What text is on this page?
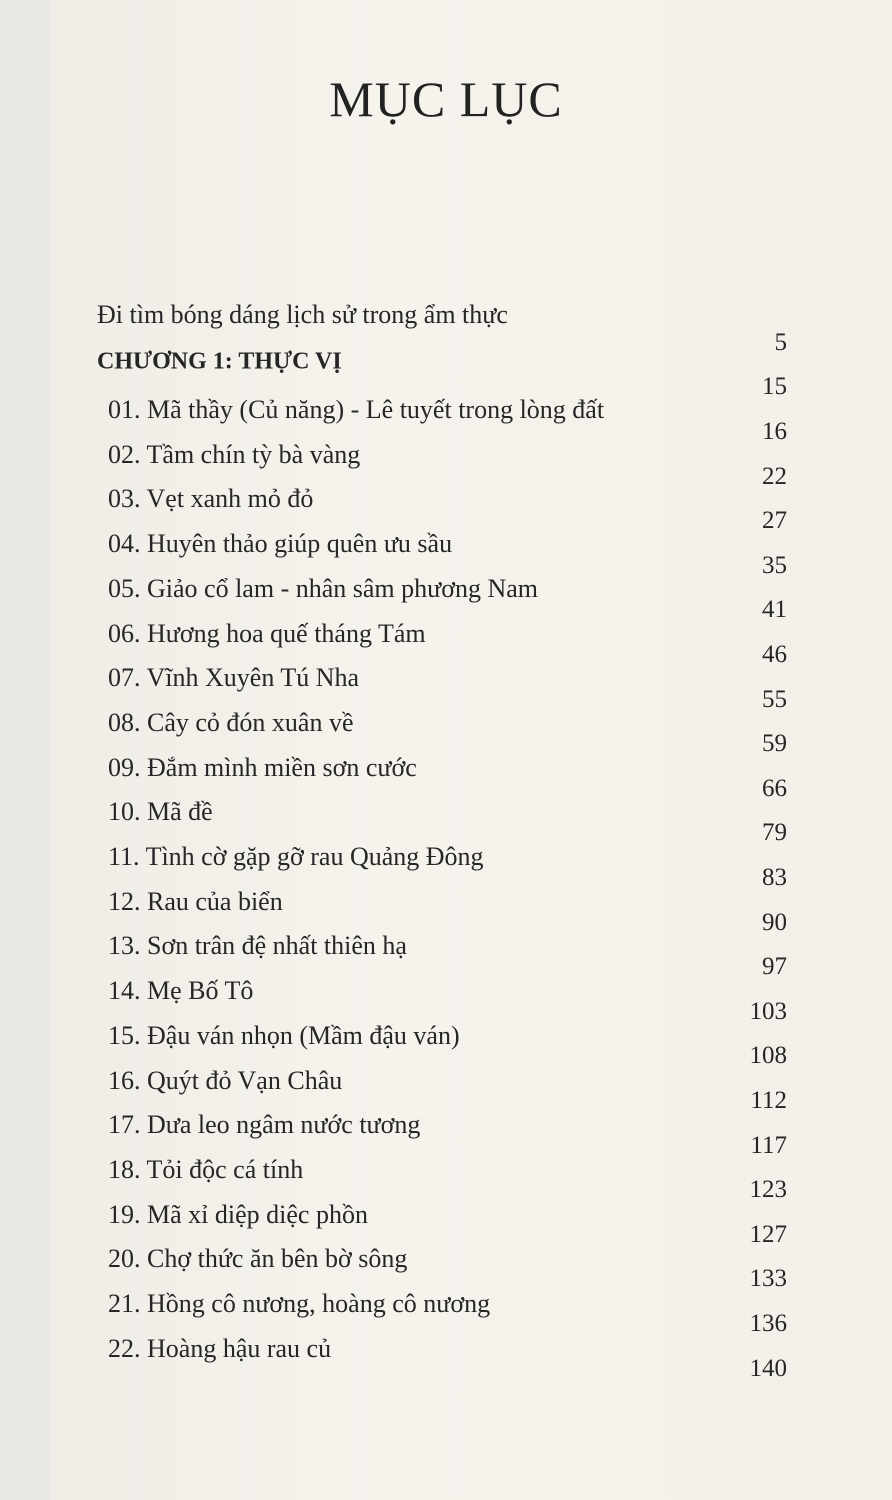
MỤC LỤC
Đi tìm bóng dáng lịch sử trong ẩm thực
5
CHƯƠNG 1: THỰC VỊ
15
01. Mã thầy (Củ năng) - Lê tuyết trong lòng đất
16
02. Tầm chín tỳ bà vàng
22
03. Vẹt xanh mỏ đỏ
27
04. Huyên thảo giúp quên ưu sầu
35
05. Giảo cổ lam - nhân sâm phương Nam
41
06. Hương hoa quế tháng Tám
46
07. Vĩnh Xuyên Tú Nha
55
08. Cây cỏ đón xuân về
59
09. Đắm mình miền sơn cước
66
10. Mã đề
79
11. Tình cờ gặp gỡ rau Quảng Đông
83
12. Rau của biển
90
13. Sơn trân đệ nhất thiên hạ
97
14. Mẹ Bố Tô
103
15. Đậu ván nhọn (Mầm đậu ván)
108
16. Quýt đỏ Vạn Châu
112
17. Dưa leo ngâm nước tương
117
18. Tỏi độc cá tính
123
19. Mã xỉ diệp diệc phồn
127
20. Chợ thức ăn bên bờ sông
133
21. Hồng cô nương, hoàng cô nương
136
22. Hoàng hậu rau củ
140
